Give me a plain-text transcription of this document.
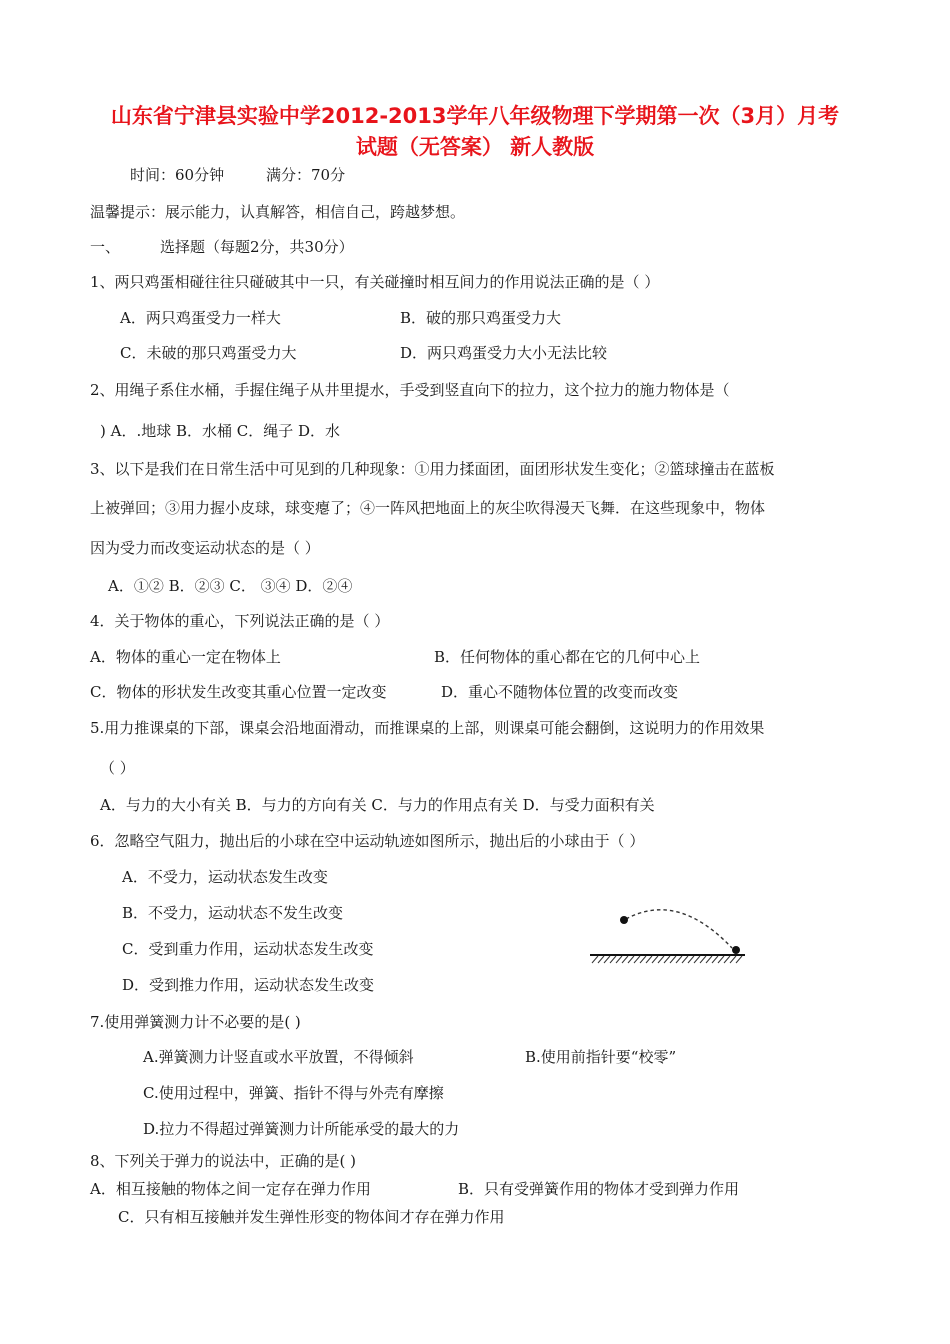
山东省宁津县实验中学2012-2013学年八年级物理下学期第一次（3月）月考
试题（无答案） 新人教版
时间：60分钟	满分：70分
温馨提示：展示能力，认真解答，相信自己，跨越梦想。
一、	选择题（每题2分，共30分）
1、两只鸡蛋相碰往往只碰破其中一只，有关碰撞时相互间力的作用说法正确的是（ ）
A．两只鸡蛋受力一样大	B．破的那只鸡蛋受力大
C．未破的那只鸡蛋受力大	D．两只鸡蛋受力大小无法比较
2、用绳子系住水桶，手握住绳子从井里提水，手受到竖直向下的拉力，这个拉力的施力物体是（
) A．.地球 B．水桶 C．绳子 D．水
3、以下是我们在日常生活中可见到的几种现象：①用力揉面团，面团形状发生变化；②篮球撞击在蓝板
上被弹回；③用力握小皮球，球变瘪了；④一阵风把地面上的灰尘吹得漫天飞舞．在这些现象中，物体
因为受力而改变运动状态的是（ ）
A．①② B．②③ C． ③④ D．②④
4．关于物体的重心，下列说法正确的是（ ）
A．物体的重心一定在物体上	B．任何物体的重心都在它的几何中心上
C．物体的形状发生改变其重心位置一定改变	D．重心不随物体位置的改变而改变
5.用力推课桌的下部，课桌会沿地面滑动，而推课桌的上部，则课桌可能会翻倒，这说明力的作用效果
（ ）
A．与力的大小有关 B．与力的方向有关 C．与力的作用点有关 D．与受力面积有关
6．忽略空气阻力，抛出后的小球在空中运动轨迹如图所示，抛出后的小球由于（ ）
A．不受力，运动状态发生改变
B．不受力，运动状态不发生改变
C．受到重力作用，运动状态发生改变
D．受到推力作用，运动状态发生改变
7.使用弹簧测力计不必要的是( )
A.弹簧测力计竖直或水平放置，不得倾斜	B.使用前指针要“校零”
C.使用过程中，弹簧、指针不得与外壳有摩擦
D.拉力不得超过弹簧测力计所能承受的最大的力
8、下列关于弹力的说法中，正确的是( )
A．相互接触的物体之间一定存在弹力作用	B．只有受弹簧作用的物体才受到弹力作用
C．只有相互接触并发生弹性形变的物体间才存在弹力作用
